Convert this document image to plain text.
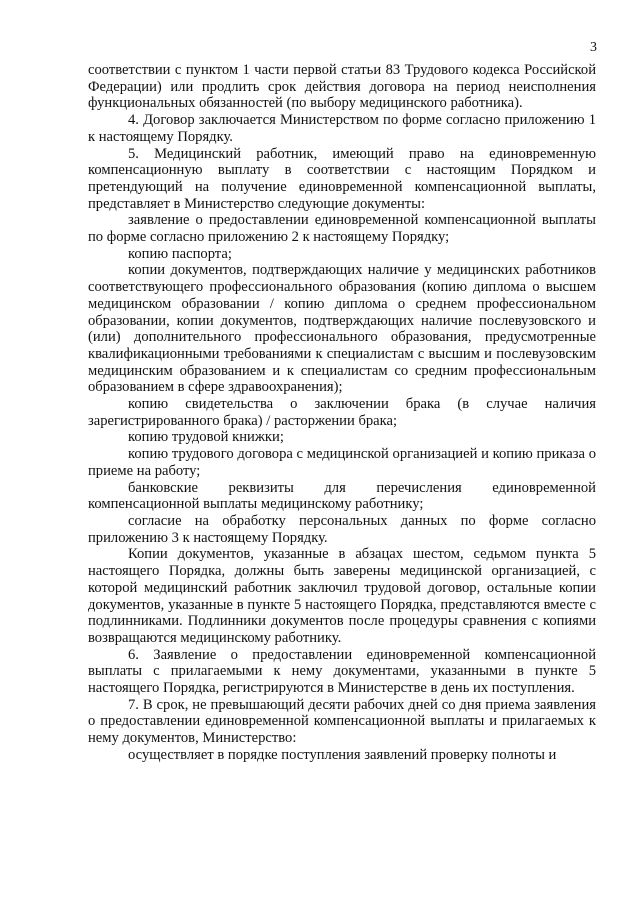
3

соответствии с пунктом 1 части первой статьи 83 Трудового кодекса Российской Федерации) или продлить срок действия договора на период неисполнения функциональных обязанностей (по выбору медицинского работника).

4. Договор заключается Министерством по форме согласно приложению 1 к настоящему Порядку.

5. Медицинский работник, имеющий право на единовременную компенсационную выплату в соответствии с настоящим Порядком и претендующий на получение единовременной компенсационной выплаты, представляет в Министерство следующие документы:

заявление о предоставлении единовременной компенсационной выплаты по форме согласно приложению 2 к настоящему Порядку;

копию паспорта;

копии документов, подтверждающих наличие у медицинских работников соответствующего профессионального образования (копию диплома о высшем медицинском образовании / копию диплома о среднем профессиональном образовании, копии документов, подтверждающих наличие послевузовского и (или) дополнительного профессионального образования, предусмотренные квалификационными требованиями к специалистам с высшим и послевузовским медицинским образованием и к специалистам со средним профессиональным образованием в сфере здравоохранения);

копию свидетельства о заключении брака (в случае наличия зарегистрированного брака) / расторжении брака;

копию трудовой книжки;

копию трудового договора с медицинской организацией и копию приказа о приеме на работу;

банковские реквизиты для перечисления единовременной компенсационной выплаты медицинскому работнику;

согласие на обработку персональных данных по форме согласно приложению 3 к настоящему Порядку.

Копии документов, указанные в абзацах шестом, седьмом пункта 5 настоящего Порядка, должны быть заверены медицинской организацией, с которой медицинский работник заключил трудовой договор, остальные копии документов, указанные в пункте 5 настоящего Порядка, представляются вместе с подлинниками. Подлинники документов после процедуры сравнения с копиями возвращаются медицинскому работнику.

6. Заявление о предоставлении единовременной компенсационной выплаты с прилагаемыми к нему документами, указанными в пункте 5 настоящего Порядка, регистрируются в Министерстве в день их поступления.

7. В срок, не превышающий десяти рабочих дней со дня приема заявления о предоставлении единовременной компенсационной выплаты и прилагаемых к нему документов, Министерство:

осуществляет в порядке поступления заявлений проверку полноты и
